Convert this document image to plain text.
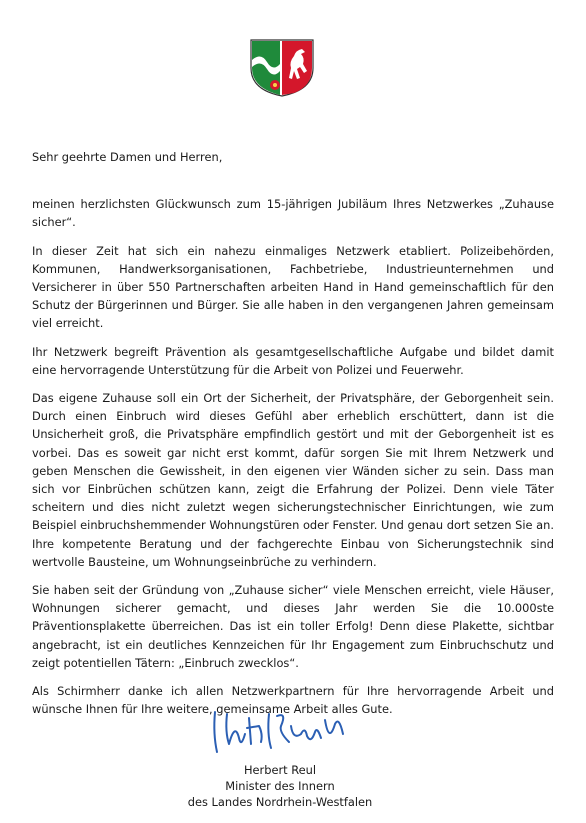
Sehr geehrte Damen und Herren,

meinen herzlichsten Glückwunsch zum 15-jährigen Jubiläum Ihres Netzwerkes „Zuhause sicher“.

In dieser Zeit hat sich ein nahezu einmaliges Netzwerk etabliert. Polizeibehörden, Kommunen, Handwerksorganisationen, Fachbetriebe, Industrieunternehmen und Versicherer in über 550 Partnerschaften arbeiten Hand in Hand gemeinschaftlich für den Schutz der Bürgerinnen und Bürger. Sie alle haben in den vergangenen Jahren gemeinsam viel erreicht.

Ihr Netzwerk begreift Prävention als gesamtgesellschaftliche Aufgabe und bildet damit eine hervorragende Unterstützung für die Arbeit von Polizei und Feuerwehr.

Das eigene Zuhause soll ein Ort der Sicherheit, der Privatsphäre, der Geborgenheit sein. Durch einen Einbruch wird dieses Gefühl aber erheblich erschüttert, dann ist die Unsicherheit groß, die Privatsphäre empfindlich gestört und mit der Geborgenheit ist es vorbei. Das es soweit gar nicht erst kommt, dafür sorgen Sie mit Ihrem Netzwerk und geben Menschen die Gewissheit, in den eigenen vier Wänden sicher zu sein. Dass man sich vor Einbrüchen schützen kann, zeigt die Erfahrung der Polizei. Denn viele Täter scheitern und dies nicht zuletzt wegen sicherungstechnischer Einrichtungen, wie zum Beispiel einbruchshemmender Wohnungstüren oder Fenster. Und genau dort setzen Sie an. Ihre kompetente Beratung und der fachgerechte Einbau von Sicherungstechnik sind wertvolle Bausteine, um Wohnungseinbrüche zu verhindern.

Sie haben seit der Gründung von „Zuhause sicher“ viele Menschen erreicht, viele Häuser, Wohnungen sicherer gemacht, und dieses Jahr werden Sie die 10.000ste Präventionsplakette überreichen. Das ist ein toller Erfolg! Denn diese Plakette, sichtbar angebracht, ist ein deutliches Kennzeichen für Ihr Engagement zum Einbruchschutz und zeigt potentiellen Tätern: „Einbruch zwecklos“.

Als Schirmherr danke ich allen Netzwerkpartnern für Ihre hervorragende Arbeit und wünsche Ihnen für Ihre weitere, gemeinsame Arbeit alles Gute.

Herbert Reul
Minister des Innern
des Landes Nordrhein-Westfalen
